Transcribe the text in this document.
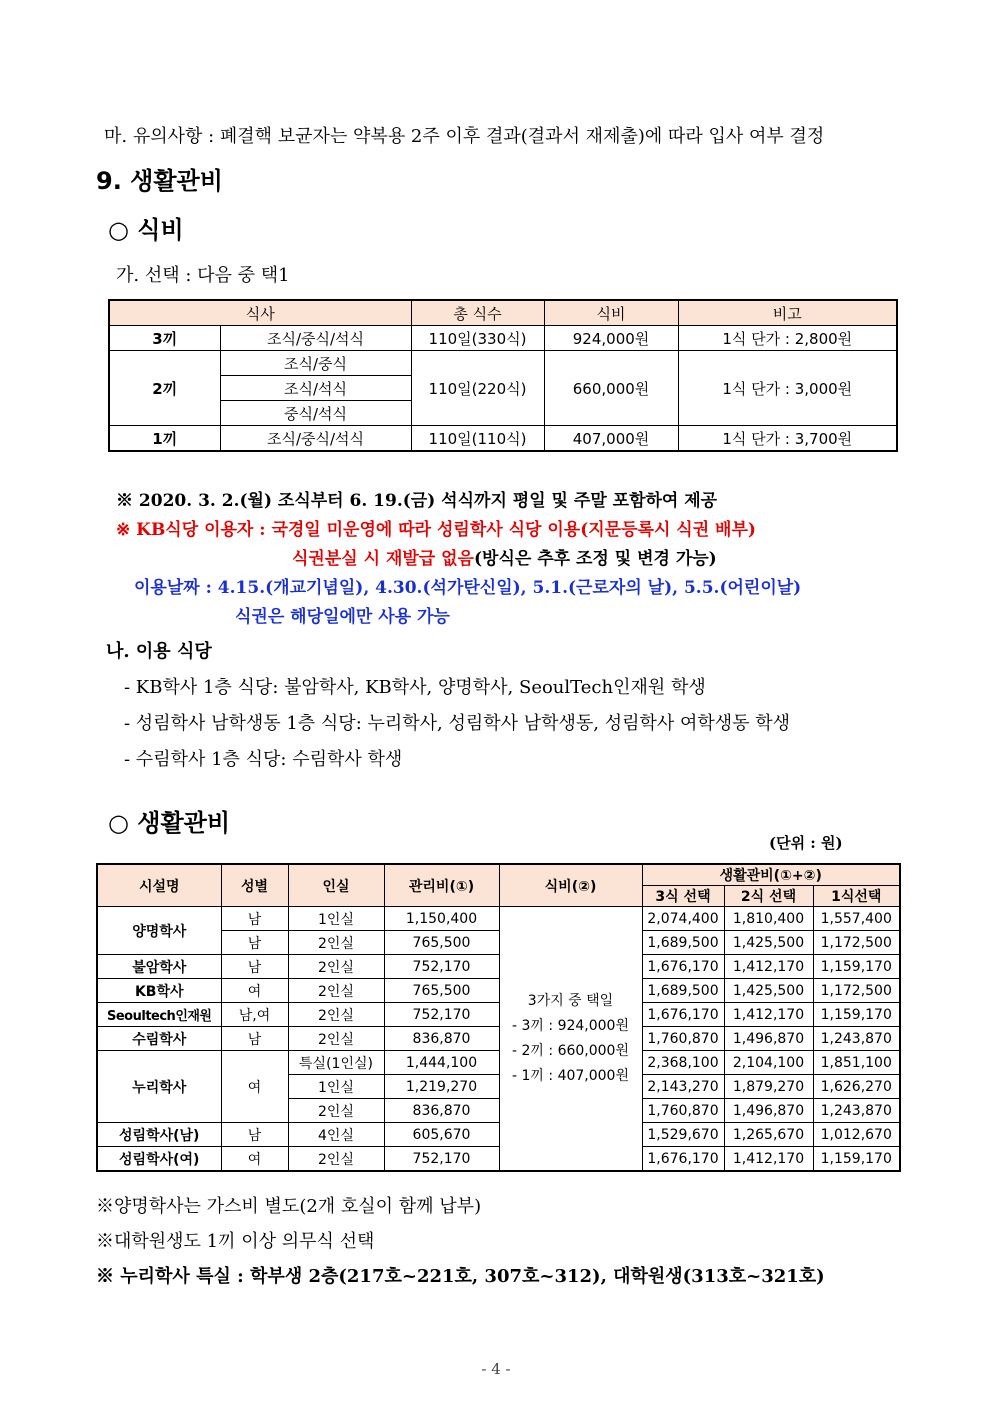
마. 유의사항 : 폐결핵 보균자는 약복용 2주 이후 결과(결과서 재제출)에 따라 입사 여부 결정
9. 생활관비
○ 식비
가. 선택 : 다음 중 택1
식사		총 식수	식비	비고
3끼	조식/중식/석식	110일(330식)	924,000원	1식 단가 : 2,800원
2끼	조식/중식	110일(220식)	660,000원	1식 단가 : 3,000원
	조식/석식			
	중식/석식			
1끼	조식/중식/석식	110일(110식)	407,000원	1식 단가 : 3,700원
※ 2020. 3. 2.(월) 조식부터 6. 19.(금) 석식까지 평일 및 주말 포함하여 제공
※ KB식당 이용자 : 국경일 미운영에 따라 성림학사 식당 이용(지문등록시 식권 배부)
식권분실 시 재발급 없음(방식은 추후 조정 및 변경 가능)
이용날짜 : 4.15.(개교기념일), 4.30.(석가탄신일), 5.1.(근로자의 날), 5.5.(어린이날)
식권은 해당일에만 사용 가능
나. 이용 식당
- KB학사 1층 식당: 불암학사, KB학사, 양명학사, SeoulTech인재원 학생
- 성림학사 남학생동 1층 식당: 누리학사, 성림학사 남학생동, 성림학사 여학생동 학생
- 수림학사 1층 식당: 수림학사 학생
○ 생활관비
(단위 : 원)
시설명	성별	인실	관리비(①)	식비(②)	생활관비(①+②)		
					3식 선택	2식 선택	1식선택
양명학사	남	1인실	1,150,400	3가지 중 택일
- 3끼 : 924,000원
- 2끼 : 660,000원
- 1끼 : 407,000원	2,074,400	1,810,400	1,557,400
	남	2인실	765,500		1,689,500	1,425,500	1,172,500
불암학사	남	2인실	752,170		1,676,170	1,412,170	1,159,170
KB학사	여	2인실	765,500		1,689,500	1,425,500	1,172,500
Seoultech인재원	남,여	2인실	752,170		1,676,170	1,412,170	1,159,170
수림학사	남	2인실	836,870		1,760,870	1,496,870	1,243,870
누리학사	여	특실(1인실)	1,444,100		2,368,100	2,104,100	1,851,100
		1인실	1,219,270		2,143,270	1,879,270	1,626,270
		2인실	836,870		1,760,870	1,496,870	1,243,870
성림학사(남)	남	4인실	605,670		1,529,670	1,265,670	1,012,670
성림학사(여)	여	2인실	752,170		1,676,170	1,412,170	1,159,170
※양명학사는 가스비 별도(2개 호실이 함께 납부)
※대학원생도 1끼 이상 의무식 선택
※ 누리학사 특실 : 학부생 2층(217호~221호, 307호~312), 대학원생(313호~321호)
- 4 -
